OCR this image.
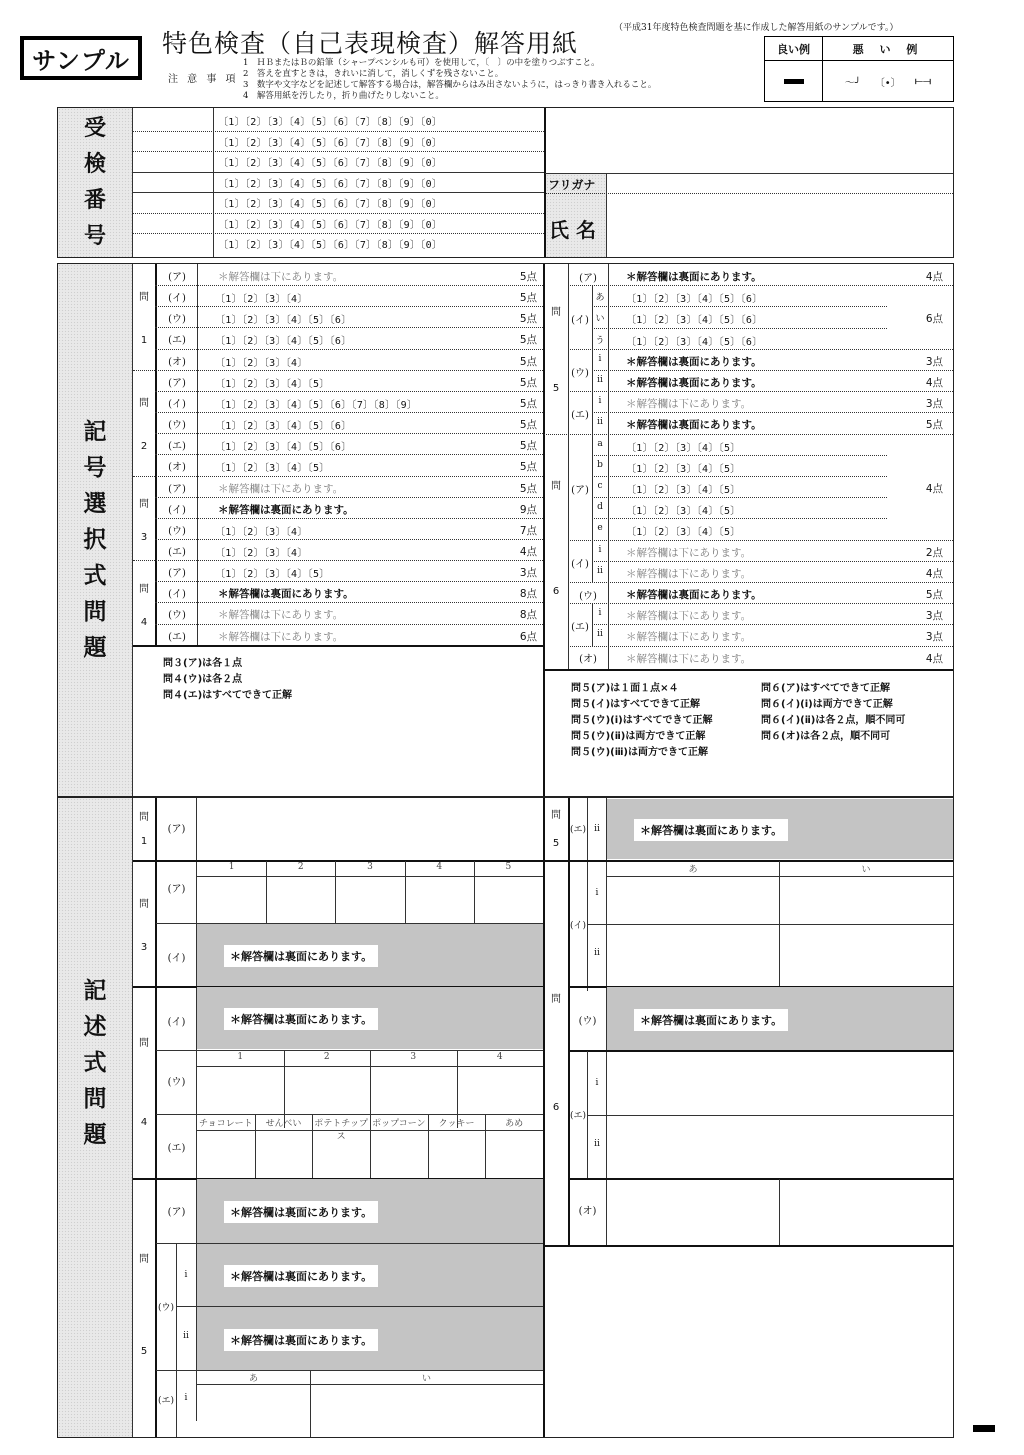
サンプル
特色検査（自己表現検査）解答用紙
（平成31年度特色検査問題を基に作成した解答用紙のサンプルです。）
注 意 事 項
1　ＨＢまたはＢの鉛筆（シャープペンシルも可）を使用して，〔　〕の中を塗りつぶすこと。
2　答えを直すときは，きれいに消して，消しくずを残さないこと。
3　数字や文字などを記述して解答する場合は，解答欄からはみ出さないように，はっきり書き入れること。
4　解答用紙を汚したり，折り曲げたりしないこと。
良い例	悪 い 例
〜╯ 〔•〕 ⟝⟞
受
検
番
号
〔1〕〔2〕〔3〕〔4〕〔5〕〔6〕〔7〕〔8〕〔9〕〔0〕
〔1〕〔2〕〔3〕〔4〕〔5〕〔6〕〔7〕〔8〕〔9〕〔0〕
〔1〕〔2〕〔3〕〔4〕〔5〕〔6〕〔7〕〔8〕〔9〕〔0〕
〔1〕〔2〕〔3〕〔4〕〔5〕〔6〕〔7〕〔8〕〔9〕〔0〕
〔1〕〔2〕〔3〕〔4〕〔5〕〔6〕〔7〕〔8〕〔9〕〔0〕
〔1〕〔2〕〔3〕〔4〕〔5〕〔6〕〔7〕〔8〕〔9〕〔0〕
〔1〕〔2〕〔3〕〔4〕〔5〕〔6〕〔7〕〔8〕〔9〕〔0〕
フリガナ
氏 名
記
号
選
択
式
問
題
(ア)	＊解答欄は下にあります。	5点
(イ)	〔1〕〔2〕〔3〕〔4〕	5点
(ウ)	〔1〕〔2〕〔3〕〔4〕〔5〕〔6〕	5点
(エ)	〔1〕〔2〕〔3〕〔4〕〔5〕〔6〕	5点
(オ)	〔1〕〔2〕〔3〕〔4〕	5点
問
1
(ア)	〔1〕〔2〕〔3〕〔4〕〔5〕	5点
(イ)	〔1〕〔2〕〔3〕〔4〕〔5〕〔6〕〔7〕〔8〕〔9〕	5点
(ウ)	〔1〕〔2〕〔3〕〔4〕〔5〕〔6〕	5点
(エ)	〔1〕〔2〕〔3〕〔4〕〔5〕〔6〕	5点
(オ)	〔1〕〔2〕〔3〕〔4〕〔5〕	5点
問
2
(ア)	＊解答欄は下にあります。	5点
(イ)	＊解答欄は裏面にあります。	9点
(ウ)	〔1〕〔2〕〔3〕〔4〕	7点
(エ)	〔1〕〔2〕〔3〕〔4〕	4点
問
3
(ア)	〔1〕〔2〕〔3〕〔4〕〔5〕	3点
(イ)	＊解答欄は裏面にあります。	8点
(ウ)	＊解答欄は下にあります。	8点
(エ)	＊解答欄は下にあります。	6点
問
4
(ア)	＊解答欄は裏面にあります。	4点
(イ)
あ	〔1〕〔2〕〔3〕〔4〕〔5〕〔6〕
い	〔1〕〔2〕〔3〕〔4〕〔5〕〔6〕
う	〔1〕〔2〕〔3〕〔4〕〔5〕〔6〕
6点
(ウ)
ⅰ	＊解答欄は裏面にあります。	3点
ⅱ	＊解答欄は裏面にあります。	4点
(エ)
ⅰ	＊解答欄は下にあります。	3点
ⅱ	＊解答欄は裏面にあります。	5点
問
5
(ア)
a	〔1〕〔2〕〔3〕〔4〕〔5〕
b	〔1〕〔2〕〔3〕〔4〕〔5〕
c	〔1〕〔2〕〔3〕〔4〕〔5〕
d	〔1〕〔2〕〔3〕〔4〕〔5〕
e	〔1〕〔2〕〔3〕〔4〕〔5〕
4点
(イ)
ⅰ	＊解答欄は下にあります。	2点
ⅱ	＊解答欄は下にあります。	4点
(ウ)	＊解答欄は裏面にあります。	5点
(エ)
ⅰ	＊解答欄は下にあります。	3点
ⅱ	＊解答欄は下にあります。	3点
(オ)	＊解答欄は下にあります。	4点
問
6
問３(ア)は各１点
問４(ウ)は各２点
問４(エ)はすべてできて正解
問５(ア)は１面１点×４
問５(イ)はすべてできて正解
問５(ウ)(ⅰ)はすべてできて正解
問５(ウ)(ⅱ)は両方できて正解
問５(ウ)(ⅲ)は両方できて正解
問６(ア)はすべてできて正解
問６(イ)(ⅰ)は両方できて正解
問６(イ)(ⅱ)は各２点，順不同可
問６(オ)は各２点，順不同可
記
述
式
問
題
問
1
(ア)
問
3
(ア)
1	2	3	4	5
(イ)	＊解答欄は裏面にあります。
問
4
(イ)	＊解答欄は裏面にあります。
(ウ)
1	2	3	4
(エ)
チョコレート	せんべい	ポテトチップス
ポップコーン	クッキー	あめ
問
5
(ア)	＊解答欄は裏面にあります。
(ウ)
ⅰ	＊解答欄は裏面にあります。
ⅱ	＊解答欄は裏面にあります。
(エ)	ⅰ
あ	い
問
5
(エ) ⅱ	＊解答欄は裏面にあります。
問
6
(イ)
ⅰ
ⅱ
あ	い
(ウ)	＊解答欄は裏面にあります。
(エ)
ⅰ
ⅱ
(オ)
